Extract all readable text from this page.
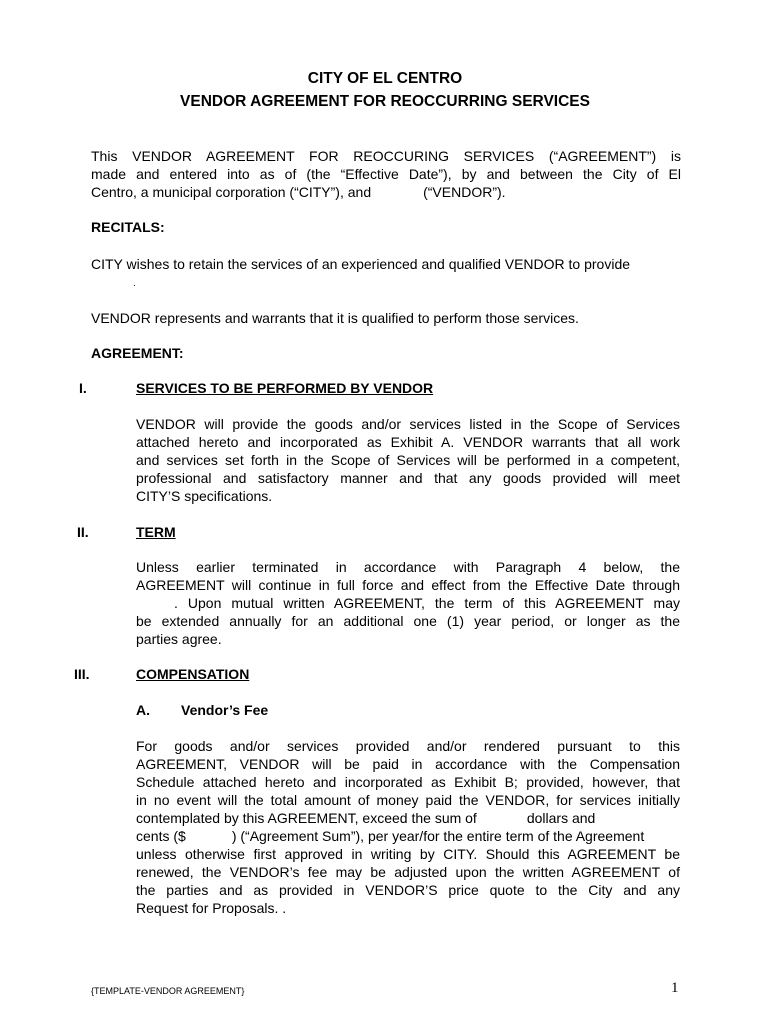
CITY OF EL CENTRO
VENDOR AGREEMENT FOR REOCCURRING SERVICES
This VENDOR AGREEMENT FOR REOCCURING SERVICES (“AGREEMENT”) is
made and entered into as of (the “Effective Date”), by and between the City of El
Centro, a municipal corporation (“CITY”), and	(“VENDOR”).
RECITALS:
CITY wishes to retain the services of an experienced and qualified VENDOR to provide
.
VENDOR represents and warrants that it is qualified to perform those services.
AGREEMENT:
I.	SERVICES TO BE PERFORMED BY VENDOR
VENDOR will provide the goods and/or services listed in the Scope of Services
attached hereto and incorporated as Exhibit A. VENDOR warrants that all work
and services set forth in the Scope of Services will be performed in a competent,
professional and satisfactory manner and that any goods provided will meet
CITY’S specifications.
II.	TERM
Unless earlier terminated in accordance with Paragraph 4 below, the
AGREEMENT will continue in full force and effect from the Effective Date through
. Upon mutual written AGREEMENT, the term of this AGREEMENT may
be extended annually for an additional one (1) year period, or longer as the
parties agree.
III.	COMPENSATION
A. Vendor’s Fee
For goods and/or services provided and/or rendered pursuant to this
AGREEMENT, VENDOR will be paid in accordance with the Compensation
Schedule attached hereto and incorporated as Exhibit B; provided, however, that
in no event will the total amount of money paid the VENDOR, for services initially
contemplated by this AGREEMENT, exceed the sum of	dollars and
cents ($	) (“Agreement Sum”), per year/for the entire term of the Agreement
unless otherwise first approved in writing by CITY. Should this AGREEMENT be
renewed, the VENDOR’s fee may be adjusted upon the written AGREEMENT of
the parties and as provided in VENDOR’S price quote to the City and any
Request for Proposals. .
{TEMPLATE-VENDOR AGREEMENT}	1
